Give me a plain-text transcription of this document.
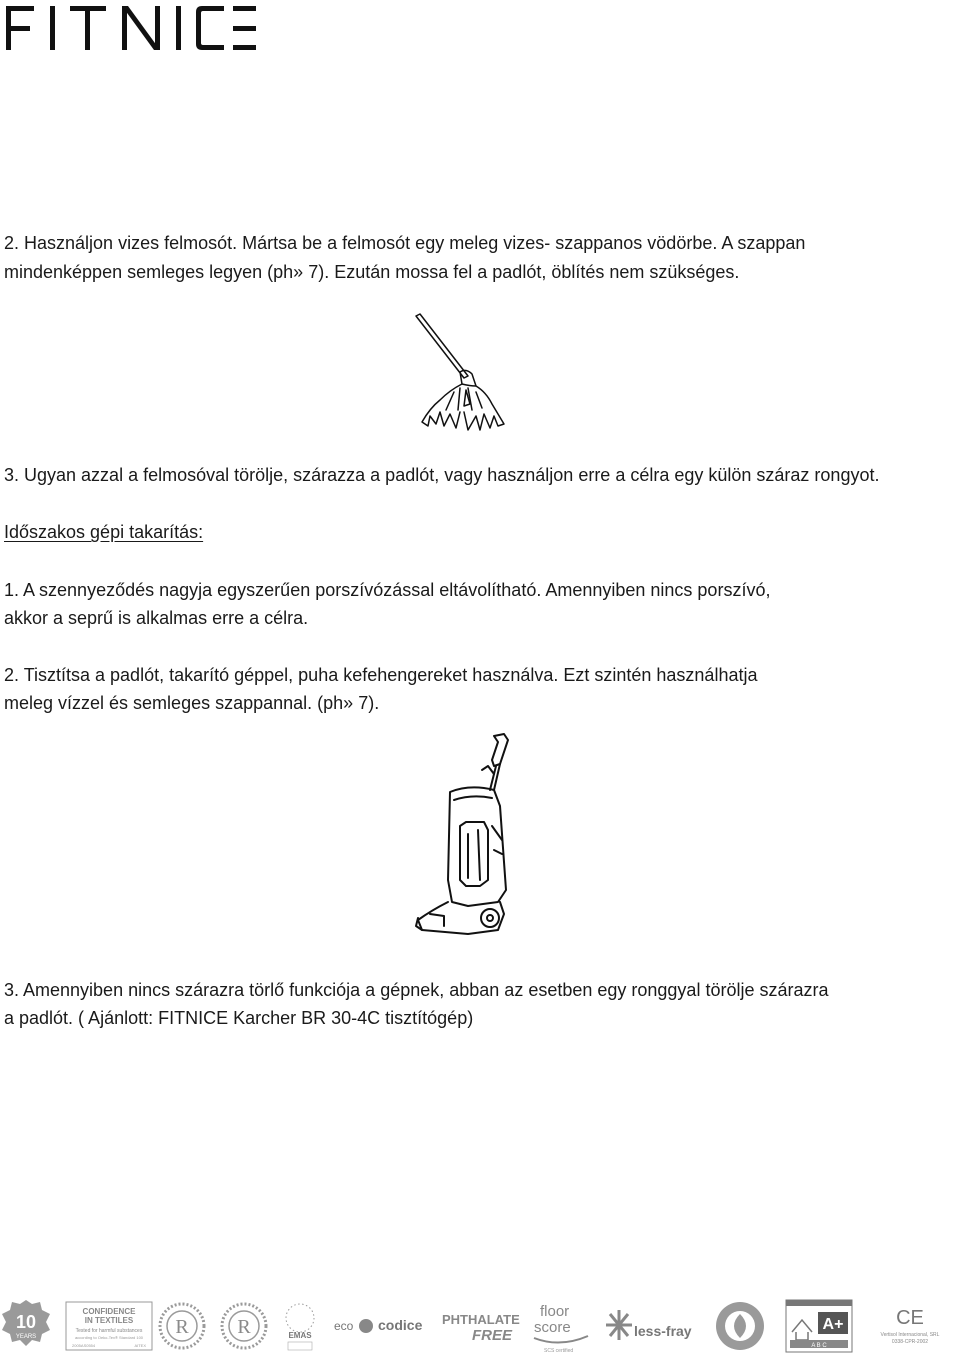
2. Használjon vizes felmosót. Mártsa be a felmosót egy meleg vizes- szappanos vödörbe. A szappan

mindenképpen semleges legyen (ph» 7). Ezután mossa fel a padlót, öblítés nem szükséges.

3. Ugyan azzal a felmosóval törölje, szárazza a padlót, vagy használjon erre a célra egy külön száraz rongyot.

Időszakos gépi takarítás:

1. A szennyeződés nagyja egyszerűen porszívózással eltávolítható. Amennyiben nincs porszívó,

akkor a seprű is alkalmas erre a célra.

2. Tisztítsa a padlót, takarító géppel, puha kefehengereket használva. Ezt szintén használhatja

meleg vízzel és semleges szappannal. (ph» 7).

3. Amennyiben nincs szárazra törlő funkciója a gépnek, abban az esetben egy ronggyal törölje szárazra

a padlót. ( Ajánlott: FITNICE Karcher BR 30-4C tisztítógép)

10
YEARS
CONFIDENCE
IN TEXTILES
Tested for harmful substances
according to Oeko-Tex® Standard 100
2005AS0554	AITEX
R R	EMAS
eco codice PHTHALATE
FREE
floor
score
SCS certified
less-fray	A+
A B C
CE
Vertisol Internacional, SRL
0338-CPR-2002
